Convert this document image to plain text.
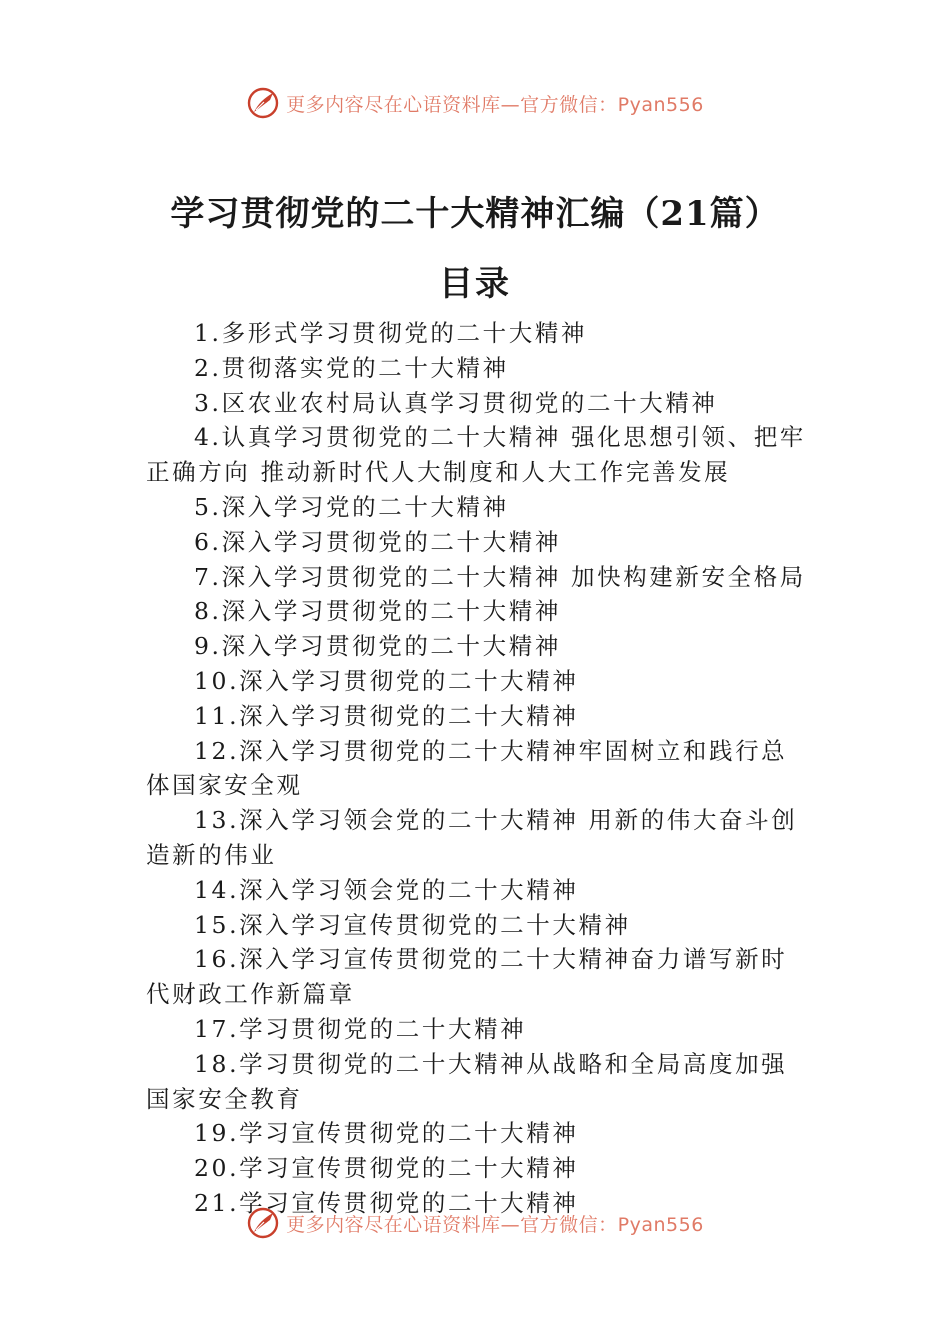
更多内容尽在心语资料库—官方微信：Pyan556
学习贯彻党的二十大精神汇编（21篇）
目录
1.多形式学习贯彻党的二十大精神
2.贯彻落实党的二十大精神
3.区农业农村局认真学习贯彻党的二十大精神
4.认真学习贯彻党的二十大精神 强化思想引领、把牢正确方向 推动新时代人大制度和人大工作完善发展
5.深入学习党的二十大精神
6.深入学习贯彻党的二十大精神
7.深入学习贯彻党的二十大精神 加快构建新安全格局
8.深入学习贯彻党的二十大精神
9.深入学习贯彻党的二十大精神
10.深入学习贯彻党的二十大精神
11.深入学习贯彻党的二十大精神
12.深入学习贯彻党的二十大精神牢固树立和践行总体国家安全观
13.深入学习领会党的二十大精神 用新的伟大奋斗创造新的伟业
14.深入学习领会党的二十大精神
15.深入学习宣传贯彻党的二十大精神
16.深入学习宣传贯彻党的二十大精神奋力谱写新时代财政工作新篇章
17.学习贯彻党的二十大精神
18.学习贯彻党的二十大精神从战略和全局高度加强国家安全教育
19.学习宣传贯彻党的二十大精神
20.学习宣传贯彻党的二十大精神
21.学习宣传贯彻党的二十大精神
更多内容尽在心语资料库—官方微信：Pyan556
